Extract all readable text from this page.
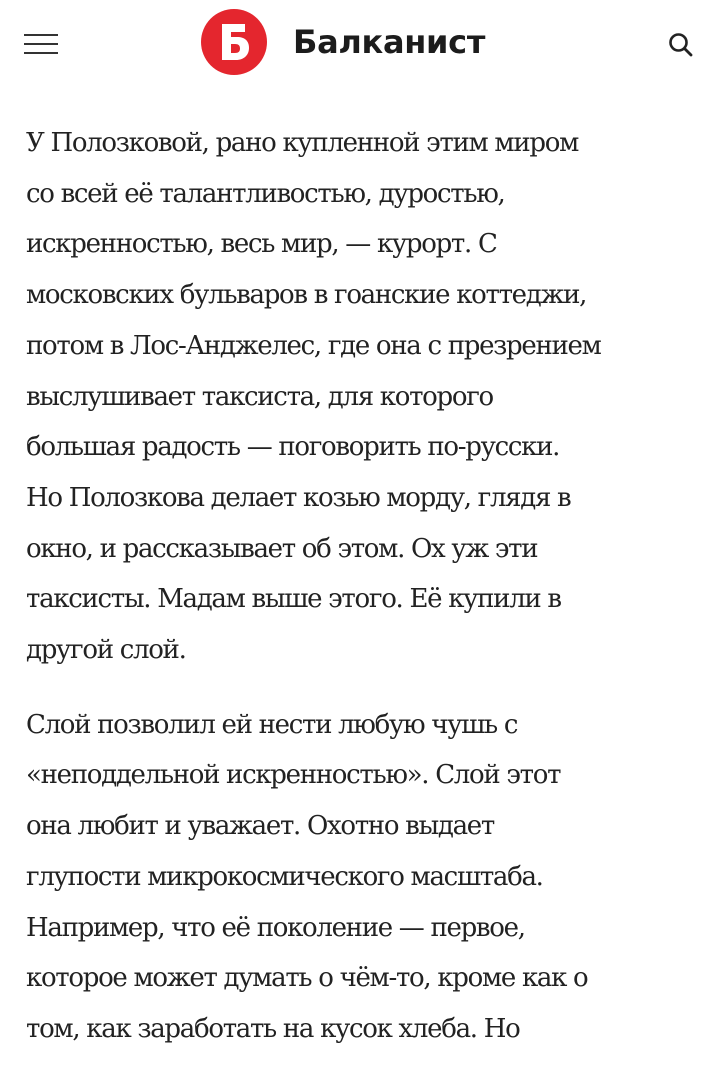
Балканист

У Полозковой, рано купленной этим миром
со всей её талантливостью, дуростью,
искренностью, весь мир, — курорт. С
московских бульваров в гоанские коттеджи,
потом в Лос-Анджелес, где она с презрением
выслушивает таксиста, для которого
большая радость — поговорить по-русски.
Но Полозкова делает козью морду, глядя в
окно, и рассказывает об этом. Ох уж эти
таксисты. Мадам выше этого. Её купили в
другой слой.

Слой позволил ей нести любую чушь с
«неподдельной искренностью». Слой этот
она любит и уважает. Охотно выдает
глупости микрокосмического масштаба.
Например, что её поколение — первое,
которое может думать о чём-то, кроме как о
том, как заработать на кусок хлеба. Но
